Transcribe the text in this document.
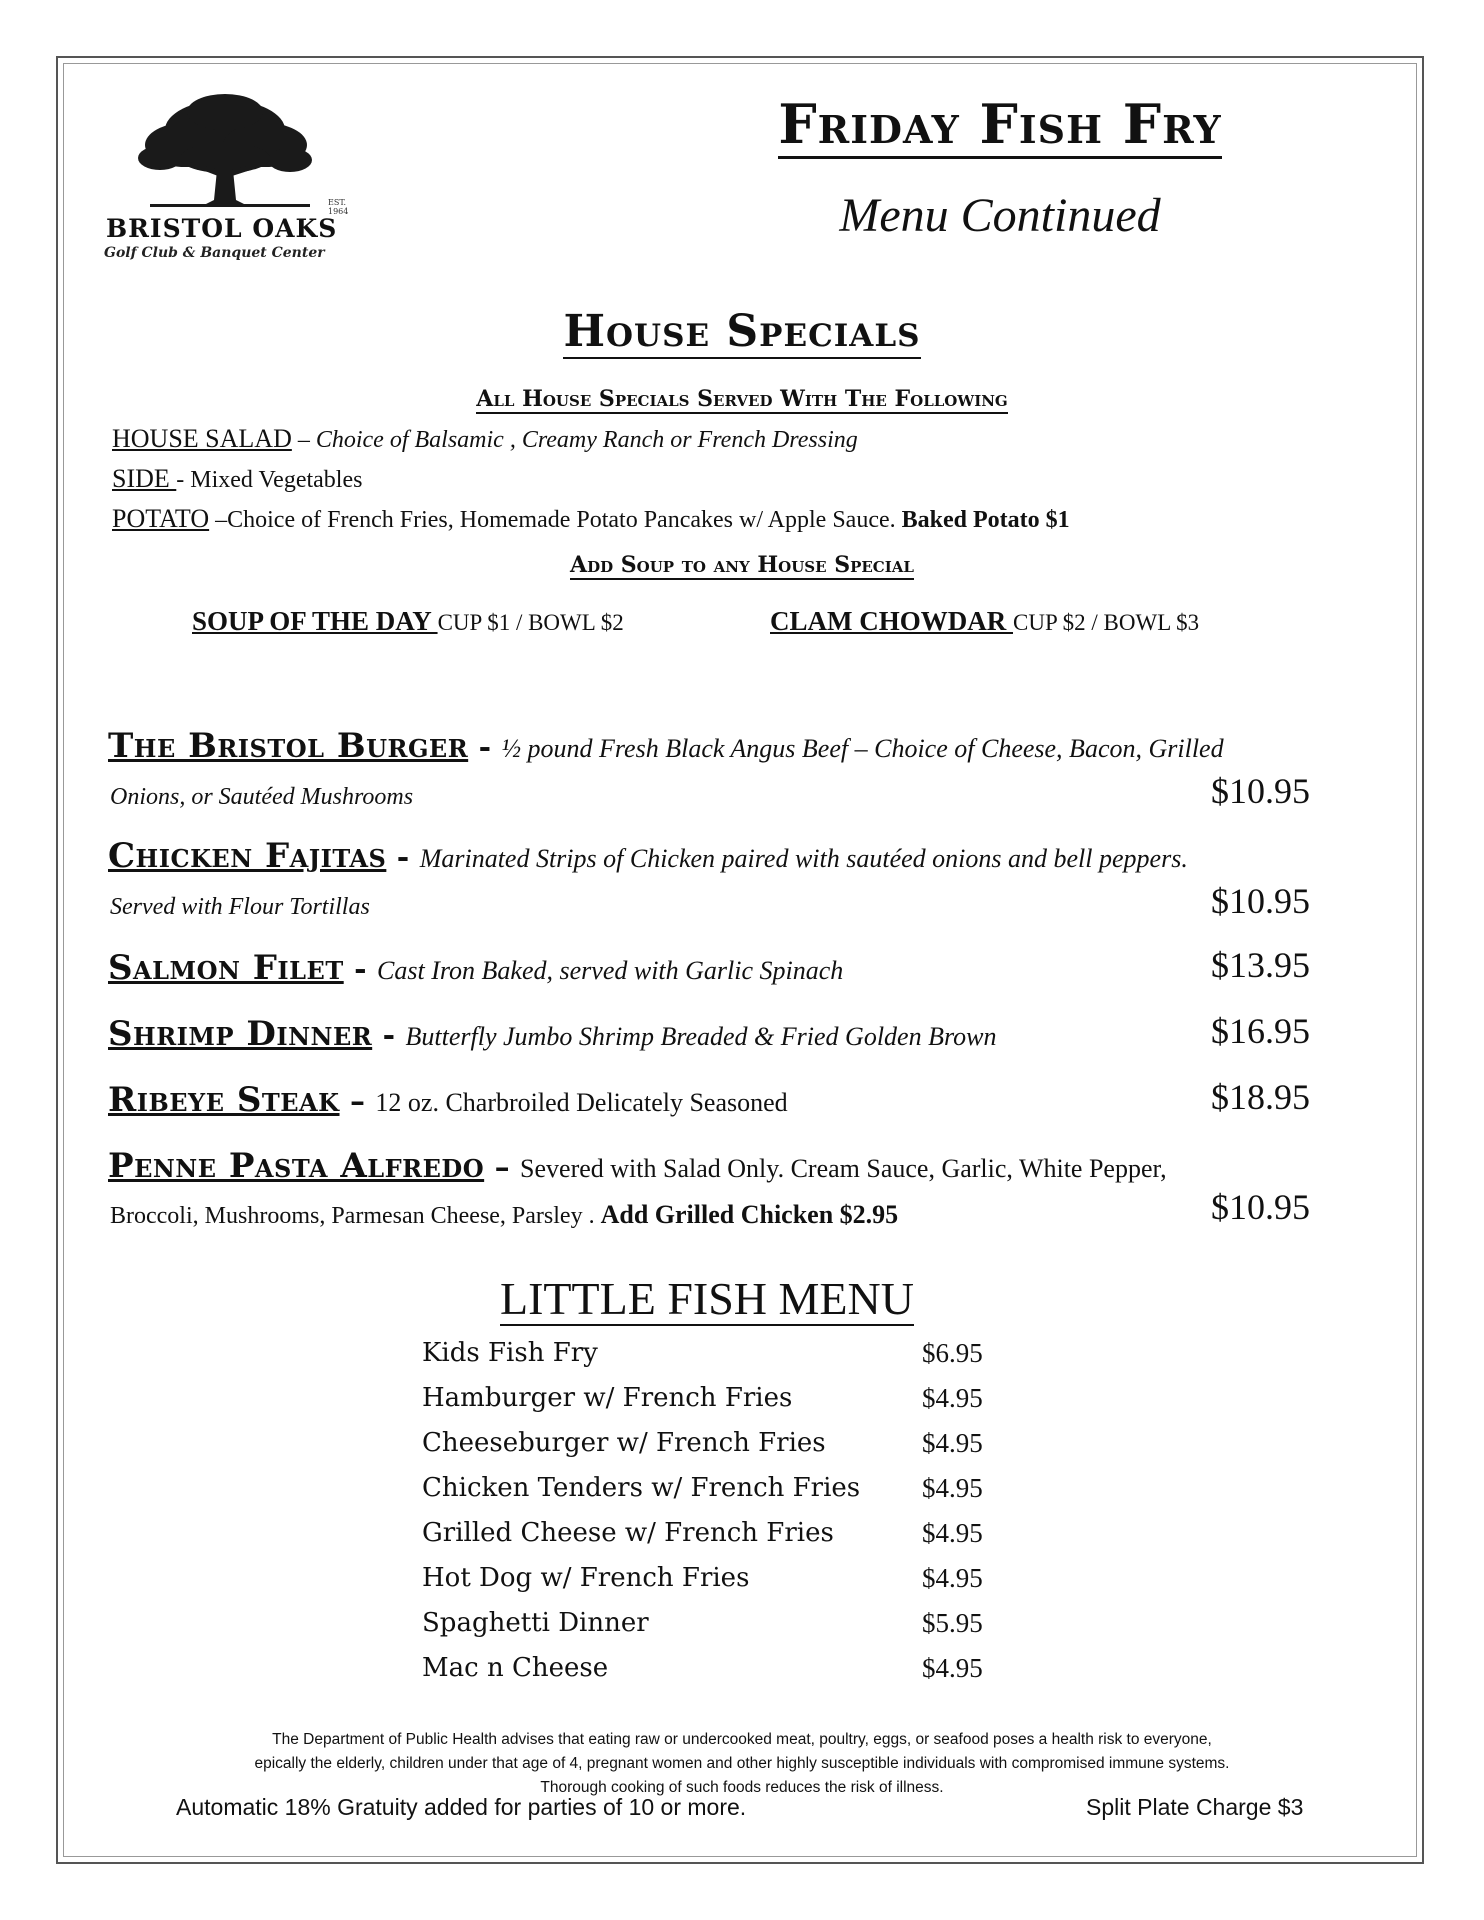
EST. 1964
BRISTOL OAKS
Golf Club & Banquet Center
Friday Fish Fry
Menu Continued
House Specials
All House Specials Served With The Following
HOUSE SALAD – Choice of Balsamic , Creamy Ranch or French Dressing
SIDE - Mixed Vegetables
POTATO –Choice of French Fries, Homemade Potato Pancakes w/ Apple Sauce. Baked Potato $1
Add Soup to any House Special
SOUP OF THE DAY CUP $1 / BOWL $2	CLAM CHOWDAR CUP $2 / BOWL $3
The Bristol Burger - ½ pound Fresh Black Angus Beef – Choice of Cheese, Bacon, Grilled
Onions, or Sautéed Mushrooms	$10.95
Chicken Fajitas - Marinated Strips of Chicken paired with sautéed onions and bell peppers.
Served with Flour Tortillas	$10.95
Salmon Filet - Cast Iron Baked, served with Garlic Spinach	$13.95
Shrimp Dinner - Butterfly Jumbo Shrimp Breaded & Fried Golden Brown	$16.95
Ribeye Steak – 12 oz. Charbroiled Delicately Seasoned	$18.95
Penne Pasta Alfredo – Severed with Salad Only. Cream Sauce, Garlic, White Pepper,
Broccoli, Mushrooms, Parmesan Cheese, Parsley . Add Grilled Chicken $2.95	$10.95
LITTLE FISH MENU
Kids Fish Fry	$6.95
Hamburger w/ French Fries	$4.95
Cheeseburger w/ French Fries	$4.95
Chicken Tenders w/ French Fries $4.95
Grilled Cheese w/ French Fries	$4.95
Hot Dog w/ French Fries	$4.95
Spaghetti Dinner	$5.95
Mac n Cheese	$4.95
The Department of Public Health advises that eating raw or undercooked meat, poultry, eggs, or seafood poses a health risk to everyone,
epically the elderly, children under that age of 4, pregnant women and other highly susceptible individuals with compromised immune systems.
Thorough cooking of such foods reduces the risk of illness.
Automatic 18% Gratuity added for parties of 10 or more.	Split Plate Charge $3
